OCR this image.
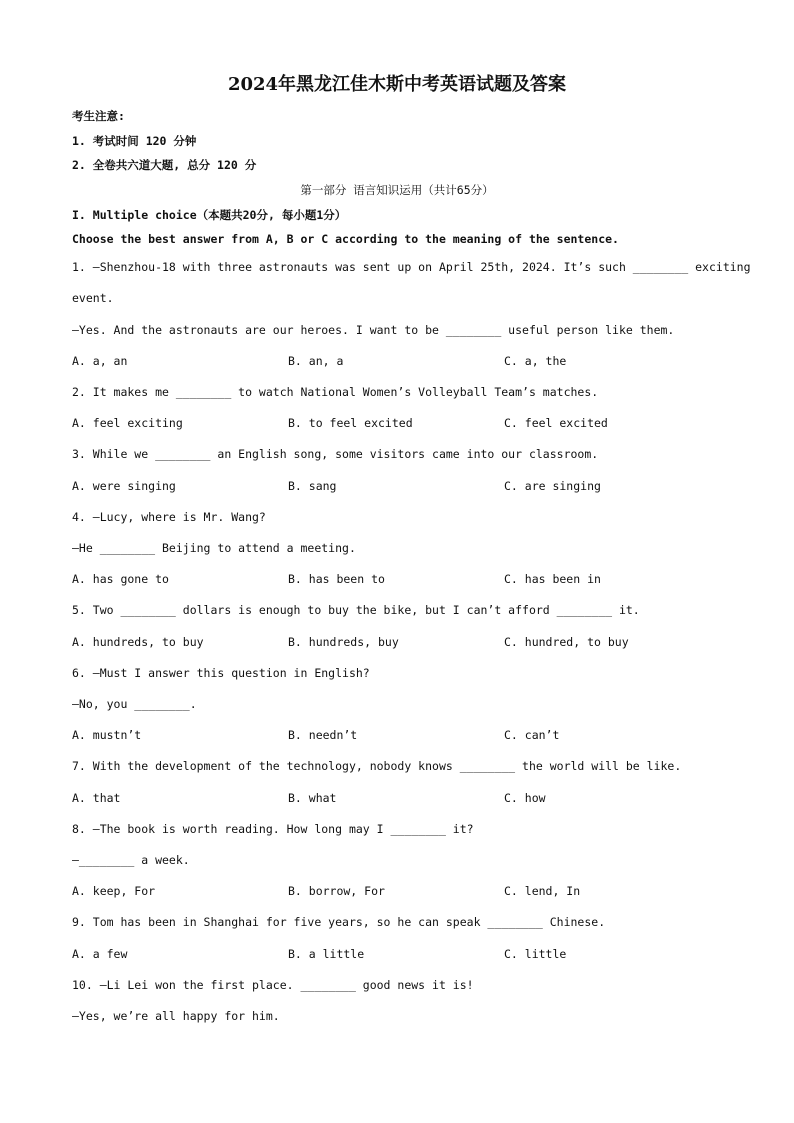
2024年黑龙江佳木斯中考英语试题及答案
考生注意:
1. 考试时间 120 分钟
2. 全卷共六道大题, 总分 120 分
第一部分 语言知识运用（共计65分）
I. Multiple choice（本题共20分, 每小题1分）
Choose the best answer from A, B or C according to the meaning of the sentence.
1. —Shenzhou-18 with three astronauts was sent up on April 25th, 2024. It’s such ________ exciting
event.
—Yes. And the astronauts are our heroes. I want to be ________ useful person like them.
A. a, an	B. an, a	C. a, the
2. It makes me ________ to watch National Women’s Volleyball Team’s matches.
A. feel exciting	B. to feel excited	C. feel excited
3. While we ________ an English song, some visitors came into our classroom.
A. were singing	B. sang	C. are singing
4. —Lucy, where is Mr. Wang?
—He ________ Beijing to attend a meeting.
A. has gone to	B. has been to	C. has been in
5. Two ________ dollars is enough to buy the bike, but I can’t afford ________ it.
A. hundreds, to buy	B. hundreds, buy	C. hundred, to buy
6. —Must I answer this question in English?
—No, you ________.
A. mustn’t	B. needn’t	C. can’t
7. With the development of the technology, nobody knows ________ the world will be like.
A. that	B. what	C. how
8. —The book is worth reading. How long may I ________ it?
—________ a week.
A. keep, For	B. borrow, For	C. lend, In
9. Tom has been in Shanghai for five years, so he can speak ________ Chinese.
A. a few	B. a little	C. little
10. —Li Lei won the first place. ________ good news it is!
—Yes, we’re all happy for him.
